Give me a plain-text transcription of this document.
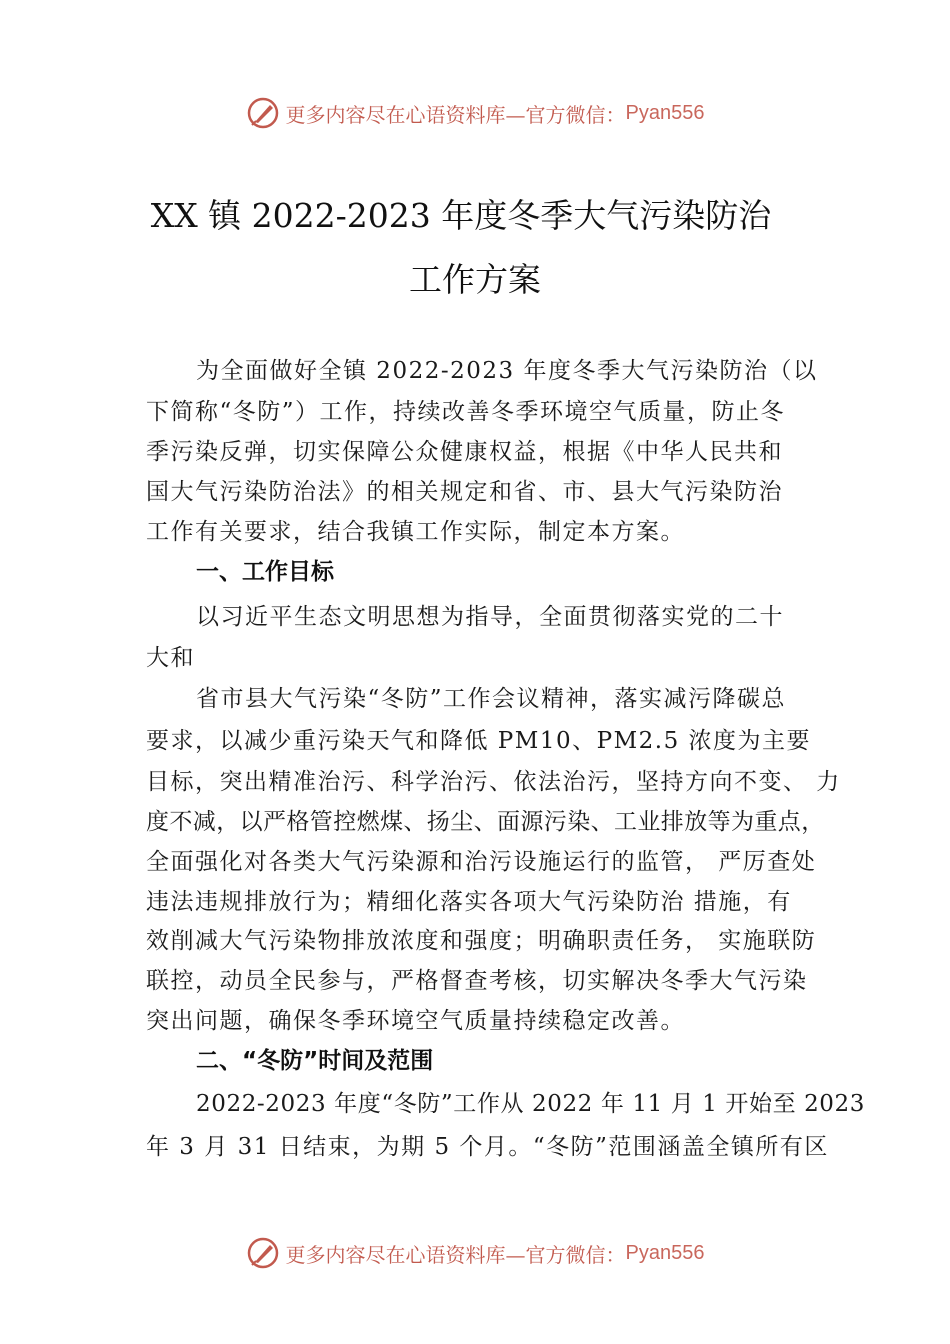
更多内容尽在心语资料库—官方微信： Pyan556
XX 镇 2022-2023 年度冬季大气污染防治
工作方案
为全面做好全镇 2022-2023 年度冬季大气污染防治（以
下简称“冬防”）工作，持续改善冬季环境空气质量，防止冬
季污染反弹，切实保障公众健康权益，根据《中华人民共和
国大气污染防治法》的相关规定和省、市、县大气污染防治
工作有关要求，结合我镇工作实际，制定本方案。
一、工作目标
以习近平生态文明思想为指导，全面贯彻落实党的二十
大和
省市县大气污染“冬防”工作会议精神，落实减污降碳总
要求，以减少重污染天气和降低 PM10、PM2.5 浓度为主要
目标，突出精准治污、科学治污、依法治污，坚持方向不变、 力
度不减，以严格管控燃煤、扬尘、面源污染、工业排放等为重点，
全面强化对各类大气污染源和治污设施运行的监管， 严厉查处
违法违规排放行为；精细化落实各项大气污染防治 措施，有
效削减大气污染物排放浓度和强度；明确职责任务， 实施联防
联控，动员全民参与，严格督查考核，切实解决冬季大气污染
突出问题，确保冬季环境空气质量持续稳定改善。
二、“冬防”时间及范围
2022-2023 年度“冬防”工作从 2022 年 11 月 1 开始至 2023
年 3 月 31 日结束，为期 5 个月。“冬防”范围涵盖全镇所有区
更多内容尽在心语资料库—官方微信： Pyan556
